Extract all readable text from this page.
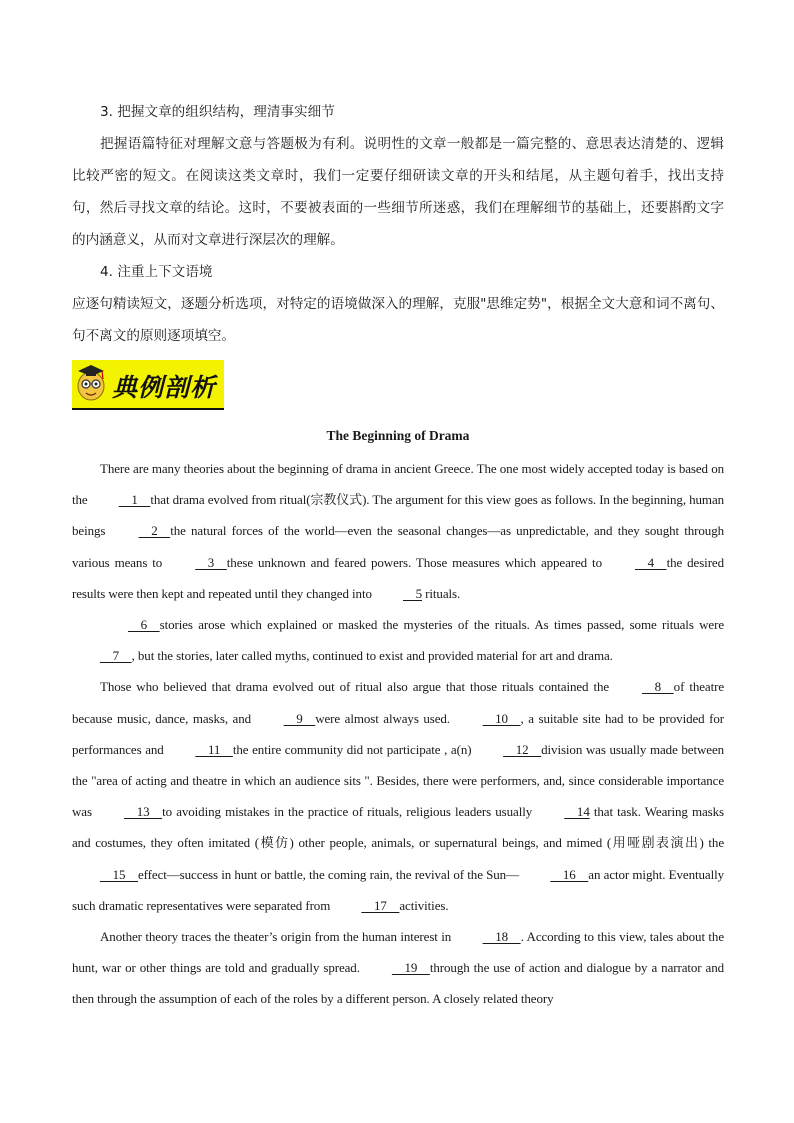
3. 把握文章的组织结构，理清事实细节

把握语篇特征对理解文意与答题极为有利。说明性的文章一般都是一篇完整的、意思表达清楚的、逻辑比较严密的短文。在阅读这类文章时，我们一定要仔细研读文章的开头和结尾，从主题句着手，找出支持句，然后寻找文章的结论。这时，不要被表面的一些细节所迷惑，我们在理解细节的基础上，还要斟酌文字的内涵意义，从而对文章进行深层次的理解。

4. 注重上下文语境

应逐句精读短文，逐题分析选项，对特定的语境做深入的理解，克服"思维定势"，根据全文大意和词不离句、句不离文的原则逐项填空。

典例剖析
The Beginning of Drama

There are many theories about the beginning of drama in ancient Greece. The one most widely accepted today is based on the     1    that drama evolved from ritual(宗教仪式). The argument for this view goes as follows. In the beginning, human beings     2    the natural forces of the world—even the seasonal changes—as unpredictable, and they sought through various means to     3    these unknown and feared powers. Those measures which appeared to     4    the desired results were then kept and repeated until they changed into     5 rituals.

6    stories arose which explained or masked the mysteries of the rituals. As times passed, some rituals were     7    , but the stories, later called myths, continued to exist and provided material for art and drama.

Those who believed that drama evolved out of ritual also argue that those rituals contained the     8    of theatre because music, dance, masks, and     9    were almost always used.     10    , a suitable site had to be provided for performances and     11    the entire community did not participate , a(n)     12    division was usually made between the "area of acting and theatre in which an audience sits ". Besides, there were performers, and, since considerable importance was     13    to avoiding mistakes in the practice of rituals, religious leaders usually     14 that task. Wearing masks and costumes, they often imitated (模仿) other people, animals, or supernatural beings, and mimed (用哑剧表演出) the     15    effect—success in hunt or battle, the coming rain, the revival of the Sun—     16    an actor might. Eventually such dramatic representatives were separated from     17    activities.

Another theory traces the theater’s origin from the human interest in     18    . According to this view, tales about the hunt, war or other things are told and gradually spread.     19    through the use of action and dialogue by a narrator and then through the assumption of each of the roles by a different person. A closely related theory
